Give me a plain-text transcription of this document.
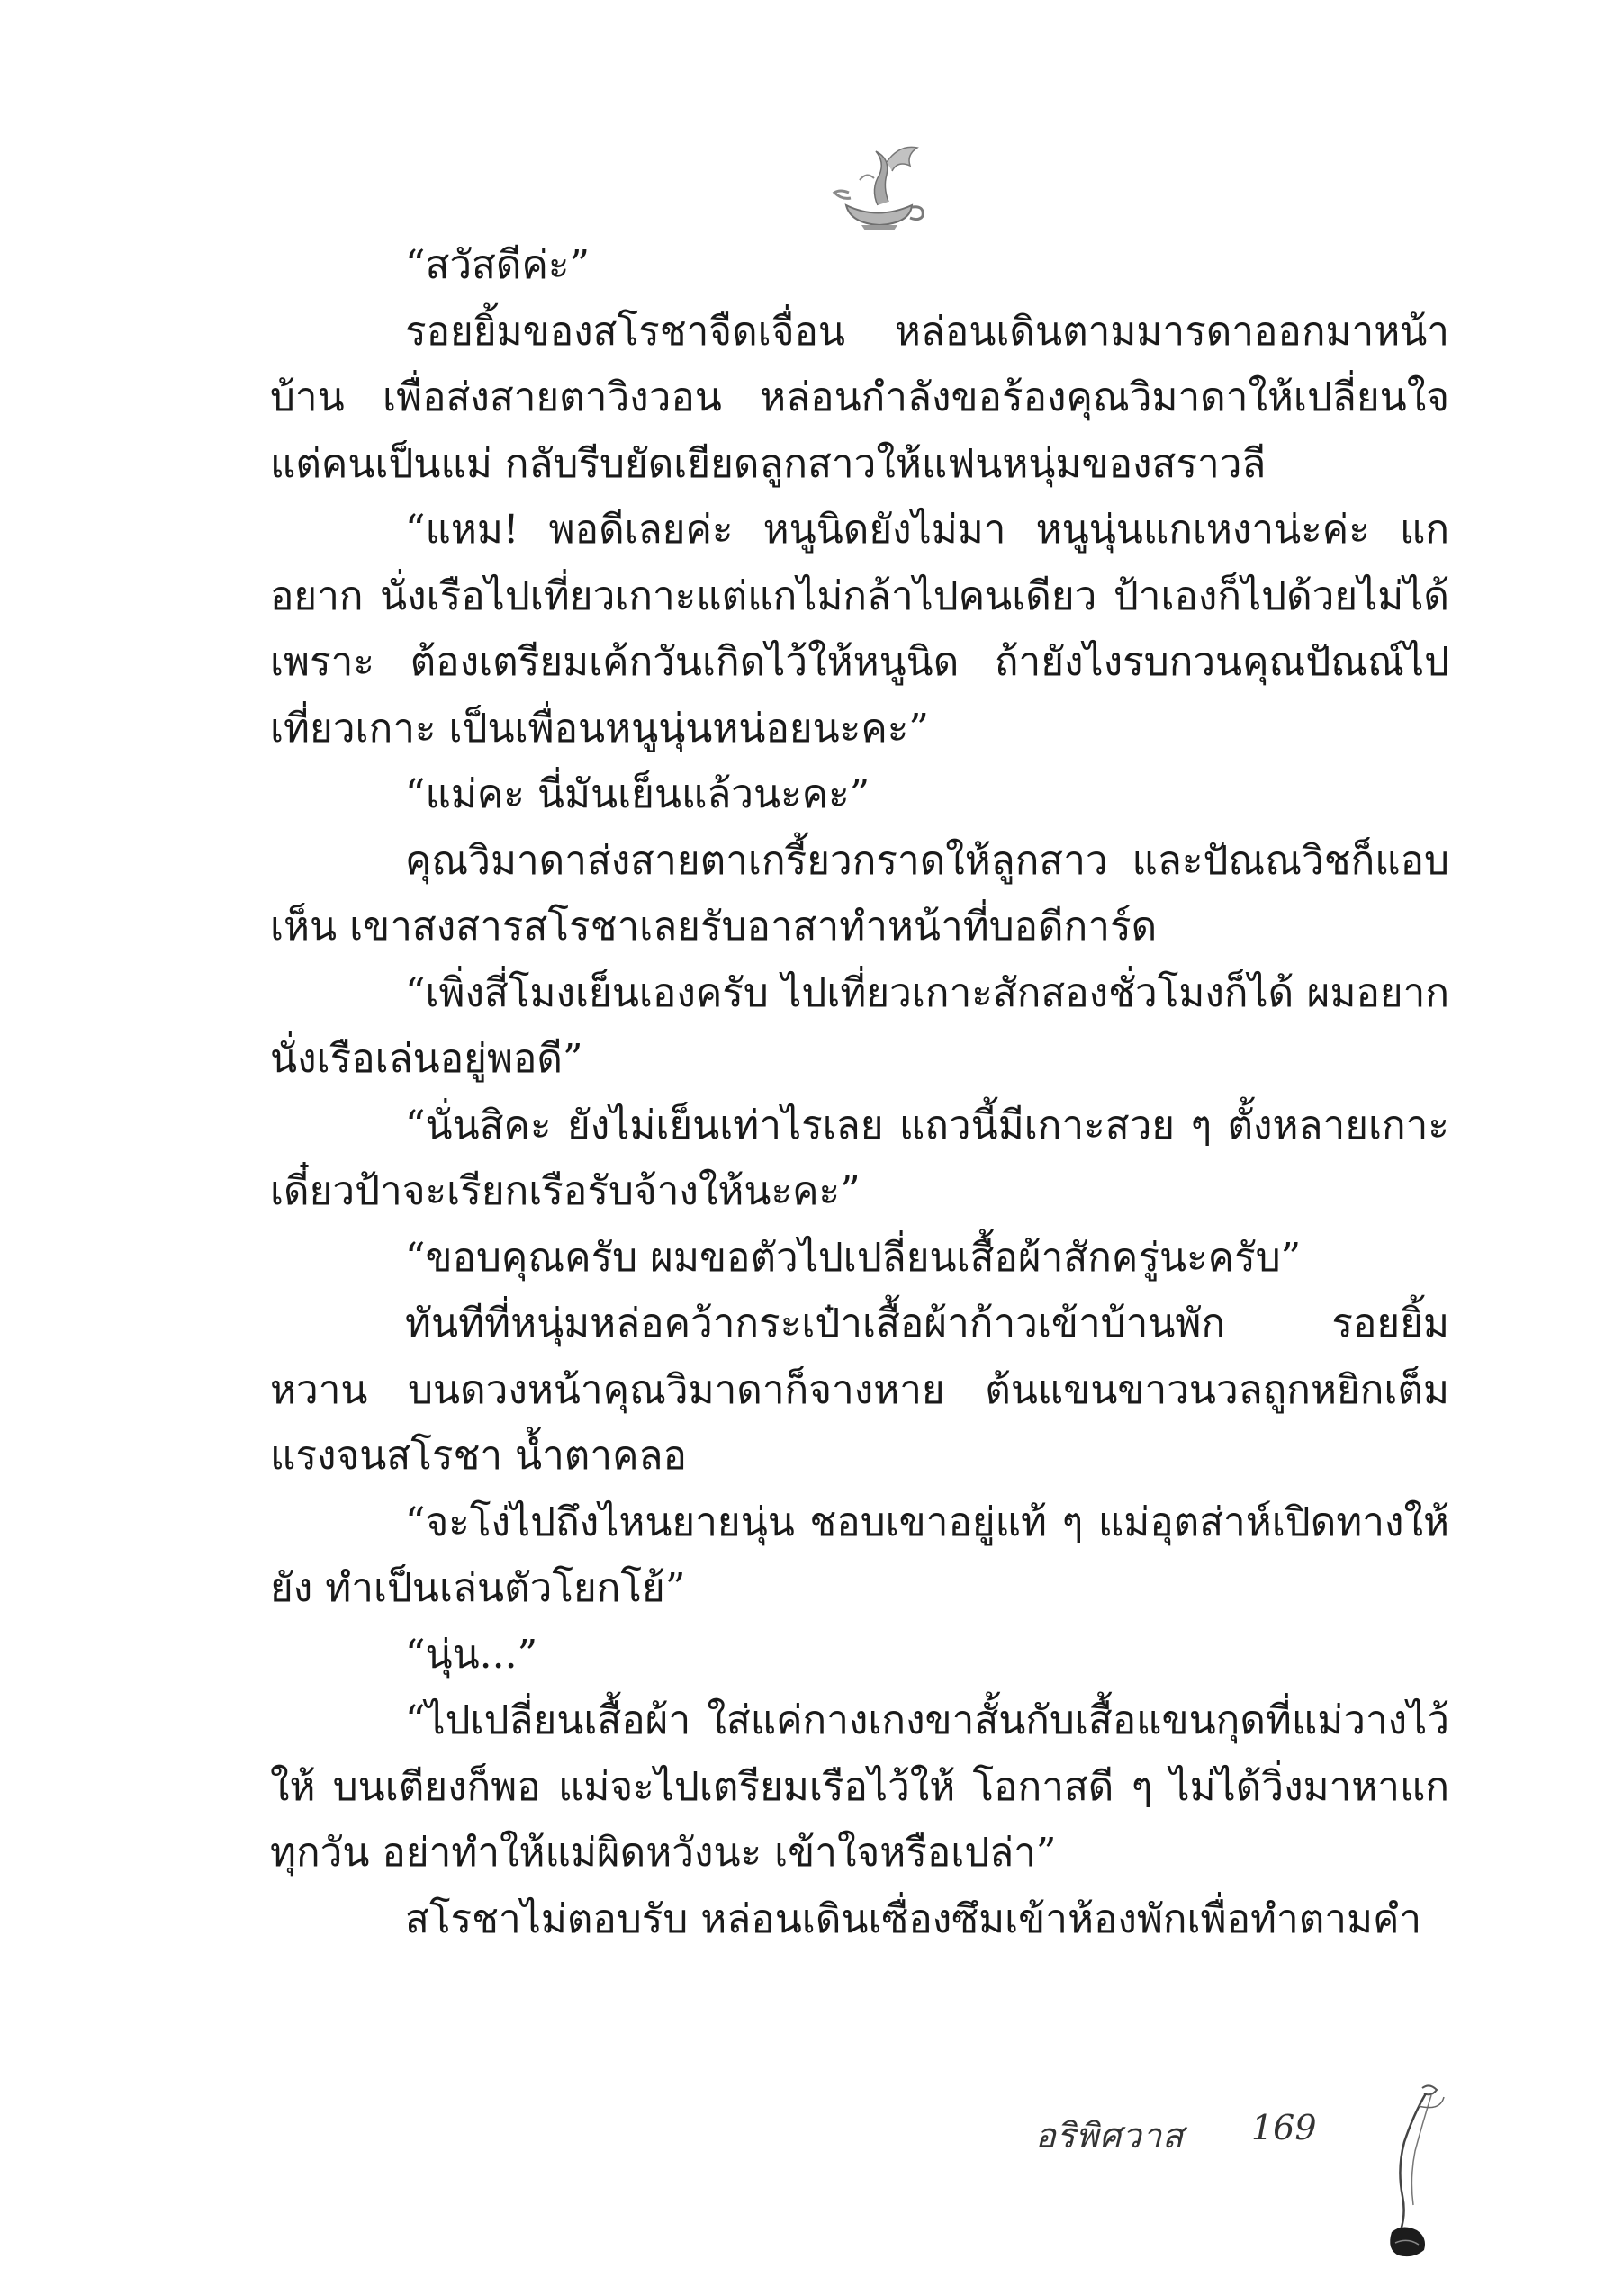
“สวัสดีค่ะ”

รอยยิ้มของสโรชาจืดเจื่อน หล่อนเดินตามมารดาออกมาหน้าบ้าน เพื่อส่งสายตาวิงวอน หล่อนกำลังขอร้องคุณวิมาดาให้เปลี่ยนใจ แต่คนเป็นแม่ กลับรีบยัดเยียดลูกสาวให้แฟนหนุ่มของสราวลี

“แหม! พอดีเลยค่ะ หนูนิดยังไม่มา หนูนุ่นแกเหงาน่ะค่ะ แกอยาก นั่งเรือไปเที่ยวเกาะแต่แกไม่กล้าไปคนเดียว ป้าเองก็ไปด้วยไม่ได้เพราะ ต้องเตรียมเค้กวันเกิดไว้ให้หนูนิด ถ้ายังไงรบกวนคุณปัณณ์ไปเที่ยวเกาะ เป็นเพื่อนหนูนุ่นหน่อยนะคะ”

“แม่คะ นี่มันเย็นแล้วนะคะ”

คุณวิมาดาส่งสายตาเกรี้ยวกราดให้ลูกสาว และปัณณวิชก็แอบเห็น เขาสงสารสโรชาเลยรับอาสาทำหน้าที่บอดีการ์ด

“เพิ่งสี่โมงเย็นเองครับ ไปเที่ยวเกาะสักสองชั่วโมงก็ได้ ผมอยาก นั่งเรือเล่นอยู่พอดี”

“นั่นสิคะ ยังไม่เย็นเท่าไรเลย แถวนี้มีเกาะสวย ๆ ตั้งหลายเกาะ เดี๋ยวป้าจะเรียกเรือรับจ้างให้นะคะ”

“ขอบคุณครับ ผมขอตัวไปเปลี่ยนเสื้อผ้าสักครู่นะครับ”

ทันทีที่หนุ่มหล่อคว้ากระเป๋าเสื้อผ้าก้าวเข้าบ้านพัก รอยยิ้มหวาน บนดวงหน้าคุณวิมาดาก็จางหาย ต้นแขนขาวนวลถูกหยิกเต็มแรงจนสโรชา น้ำตาคลอ

“จะโง่ไปถึงไหนยายนุ่น ชอบเขาอยู่แท้ ๆ แม่อุตส่าห์เปิดทางให้ยัง ทำเป็นเล่นตัวโยกโย้”

“นุ่น...”

“ไปเปลี่ยนเสื้อผ้า ใส่แค่กางเกงขาสั้นกับเสื้อแขนกุดที่แม่วางไว้ให้ บนเตียงก็พอ แม่จะไปเตรียมเรือไว้ให้ โอกาสดี ๆ ไม่ได้วิ่งมาหาแกทุกวัน อย่าทำให้แม่ผิดหวังนะ เข้าใจหรือเปล่า”

สโรชาไม่ตอบรับ หล่อนเดินเซื่องซึมเข้าห้องพักเพื่อทำตามคำ

อริพิศวาส 169
